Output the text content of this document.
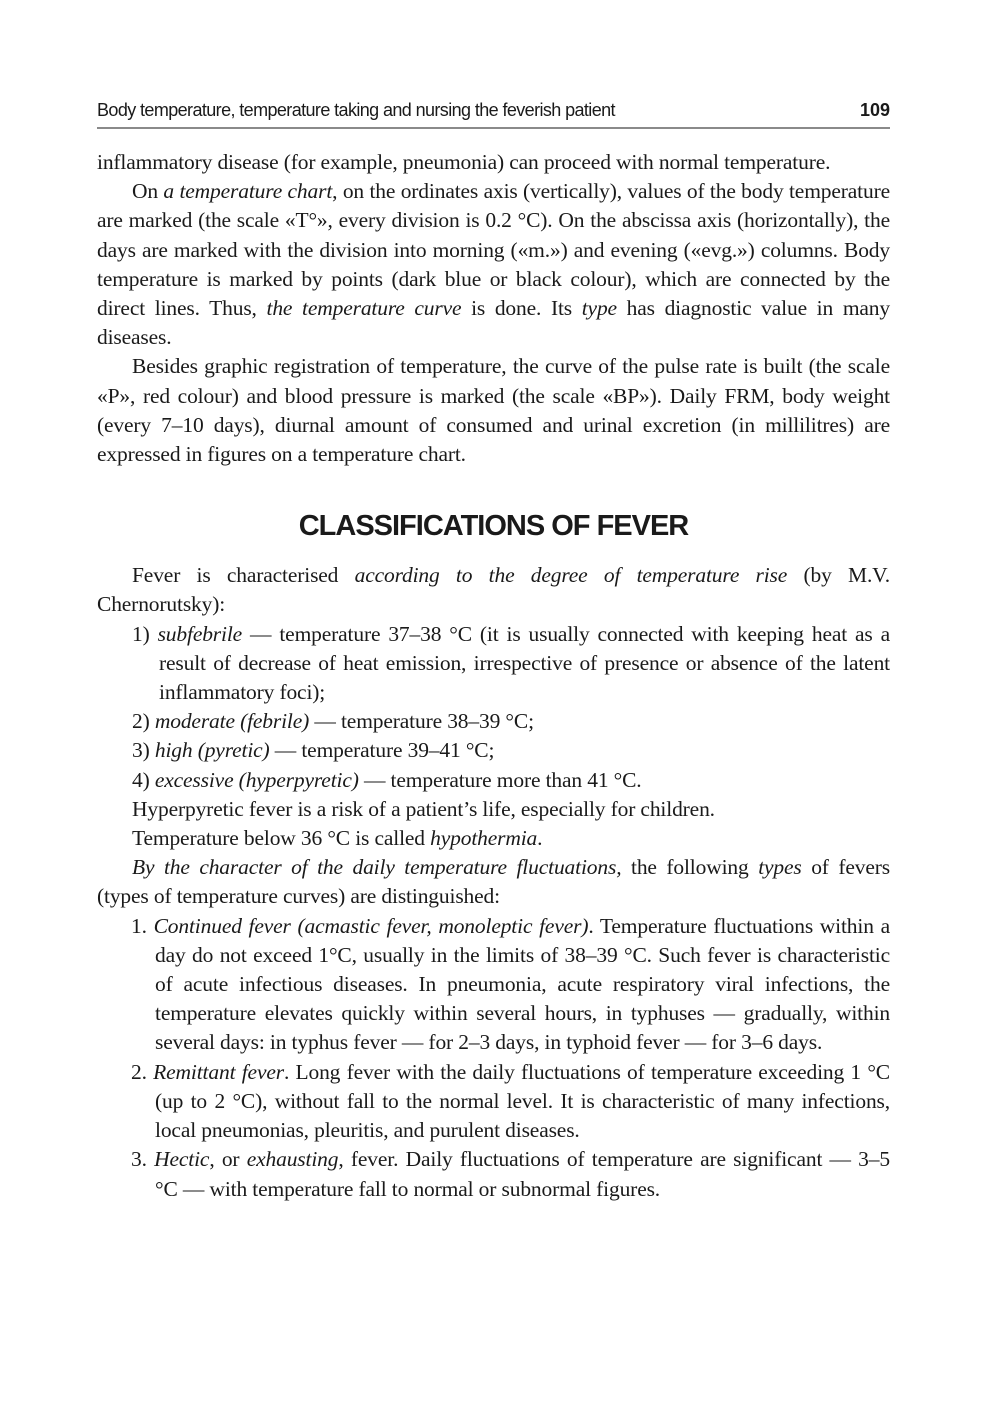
Body temperature, temperature taking and nursing the feverish patient	109

inflammatory disease (for example, pneumonia) can proceed with normal temperature.

On a temperature chart, on the ordinates axis (vertically), values of the body temperature are marked (the scale «T°», every division is 0.2 °C). On the abscissa axis (horizontally), the days are marked with the division into morning («m.») and evening («evg.») columns. Body temperature is marked by points (dark blue or black colour), which are connected by the direct lines. Thus, the temperature curve is done. Its type has diagnostic value in many diseases.

Besides graphic registration of temperature, the curve of the pulse rate is built (the scale «P», red colour) and blood pressure is marked (the scale «BP»). Daily FRM, body weight (every 7–10 days), diurnal amount of consumed and urinal excretion (in millilitres) are expressed in figures on a temperature chart.

CLASSIFICATIONS OF FEVER

Fever is characterised according to the degree of temperature rise (by M.V. Chernorutsky):

1) subfebrile — temperature 37–38 °C (it is usually connected with keeping heat as a result of decrease of heat emission, irrespective of presence or absence of the latent inflammatory foci);
2) moderate (febrile) — temperature 38–39 °C;
3) high (pyretic) — temperature 39–41 °C;
4) excessive (hyperpyretic) — temperature more than 41 °C.

Hyperpyretic fever is a risk of a patient’s life, especially for children.

Temperature below 36 °C is called hypothermia.

By the character of the daily temperature fluctuations, the following types of fevers (types of temperature curves) are distinguished:

1. Continued fever (acmastic fever, monoleptic fever). Temperature fluctuations within a day do not exceed 1°C, usually in the limits of 38–39 °C. Such fever is characteristic of acute infectious diseases. In pneumonia, acute respiratory viral infections, the temperature elevates quickly within several hours, in typhuses — gradually, within several days: in typhus fever — for 2–3 days, in typhoid fever — for 3–6 days.
2. Remittant fever. Long fever with the daily fluctuations of temperature exceeding 1 °C (up to 2 °C), without fall to the normal level. It is characteristic of many infections, local pneumonias, pleuritis, and purulent diseases.
3. Hectic, or exhausting, fever. Daily fluctuations of temperature are significant — 3–5 °C — with temperature fall to normal or subnormal figures.
